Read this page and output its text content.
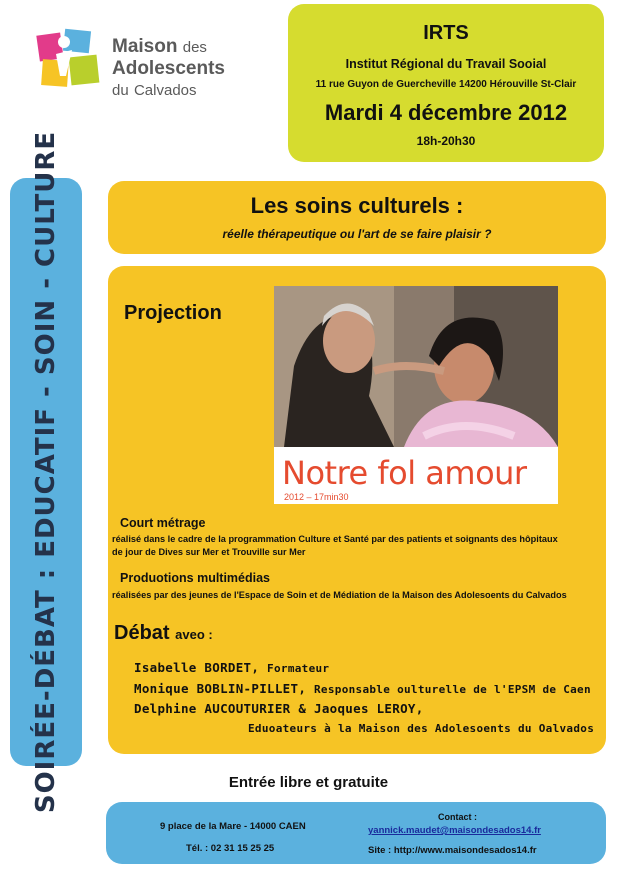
Maison des
Adolescents
du Calvados
IRTS
Institut Régional du Travail Sooial
11 rue Guyon de Guercheville 14200 Hérouville St-Clair
Mardi 4 décembre 2012
18h-20h30
SOIRÉE-DÉBAT : EDUCATIF - SOIN - CULTURE	Les soins culturels :
réelle thérapeutique ou l'art de se faire plaisir ?
Projection
Notre fol amour
2012 – 17min30
Court métrage
réalisé dans le cadre de la programmation Culture et Santé par des patients et soignants des hôpitaux
de jour de Dives sur Mer et Trouville sur Mer
Produotions multimédias
réalisées par des jeunes de l'Espace de Soin et de Médiation de la Maison des Adolesoents du Calvados
Débat aveo :
Isabelle BORDET, Formateur
Monique BOBLIN-PILLET, Responsable oulturelle de l'EPSM de Caen
Delphine AUCOUTURIER & Jaoques LEROY,
Eduoateurs à la Maison des Adolesoents du Oalvados
Entrée libre et gratuite
9 place de la Mare - 14000 CAEN
Tél. : 02 31 15 25 25
Contact :
yannick.maudet@maisondesados14.fr
Site : http://www.maisondesados14.fr
